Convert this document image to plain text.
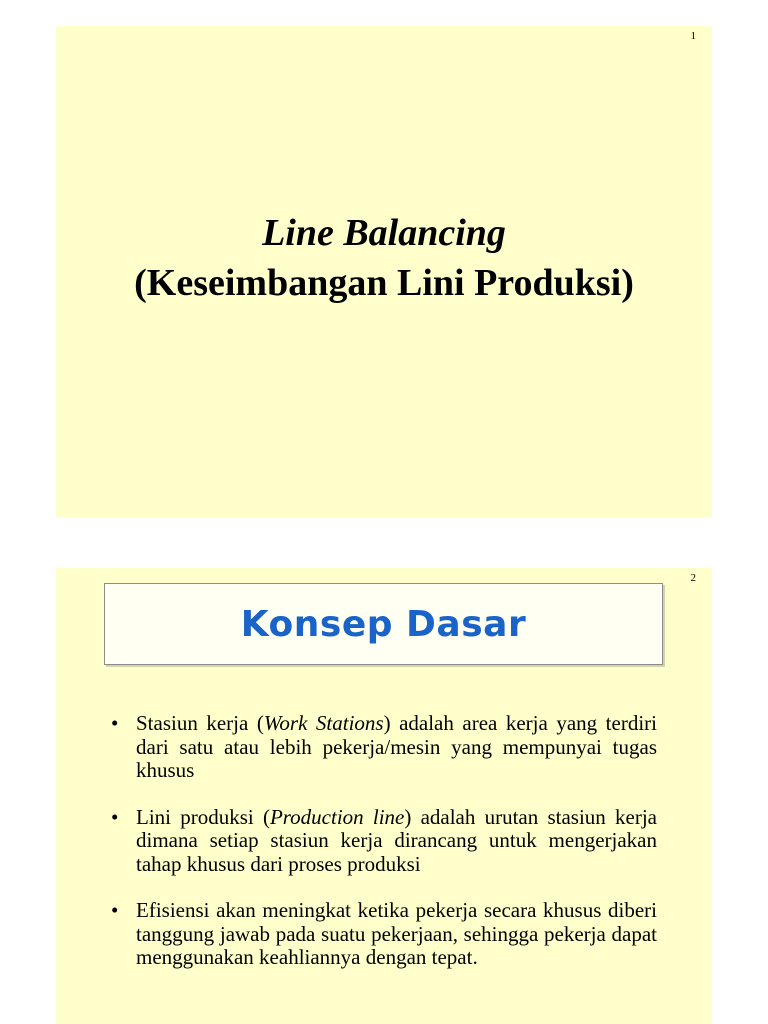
1
Line Balancing
(Keseimbangan Lini Produksi)
2
Konsep Dasar
• Stasiun kerja (Work Stations) adalah area kerja yang terdiri dari satu atau lebih pekerja/mesin yang mempunyai tugas khusus
• Lini produksi (Production line) adalah urutan stasiun kerja dimana setiap stasiun kerja dirancang untuk mengerjakan tahap khusus dari proses produksi
• Efisiensi akan meningkat ketika pekerja secara khusus diberi tanggung jawab pada suatu pekerjaan, sehingga pekerja dapat menggunakan keahliannya dengan tepat.
